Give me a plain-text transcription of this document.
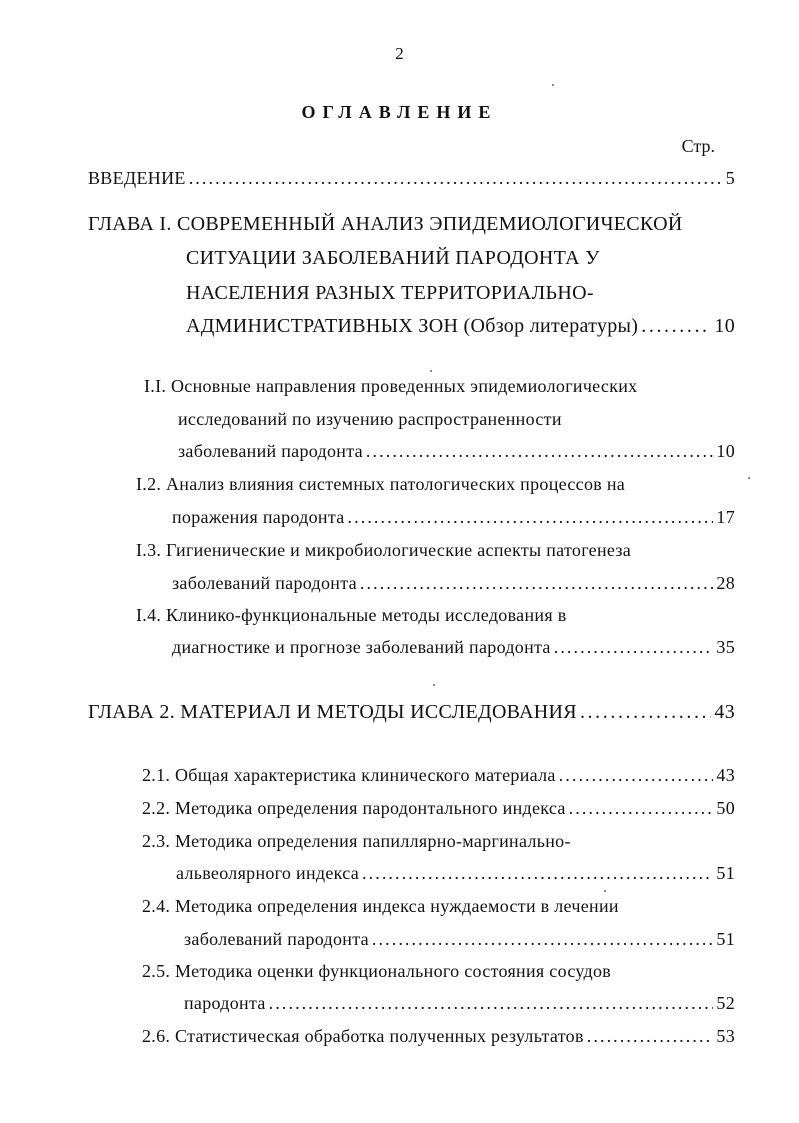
2
ОГЛАВЛЕНИЕ
Стр.
ВВЕДЕНИЕ . . .	5
ГЛАВА I. СОВРЕМЕННЫЙ АНАЛИЗ ЭПИДЕМИОЛОГИЧЕСКОЙ
СИТУАЦИИ ЗАБОЛЕВАНИЙ ПАРОДОНТА У
НАСЕЛЕНИЯ РАЗНЫХ ТЕРРИТОРИАЛЬНО-
АДМИНИСТРАТИВНЫХ ЗОН (Обзор литературы) . . .	10
I.I. Основные направления проведенных эпидемиологических
исследований по изучению распространенности
заболеваний пародонта . . .	10
I.2. Анализ влияния системных патологических процессов на
поражения пародонта . . .	17
I.3. Гигиенические и микробиологические аспекты патогенеза
заболеваний пародонта . . .	28
I.4. Клинико-функциональные методы исследования в
диагностике и прогнозе заболеваний пародонта . . .	35
ГЛАВА 2. МАТЕРИАЛ И МЕТОДЫ ИССЛЕДОВАНИЯ . . .	43
2.1. Общая характеристика клинического материала . . .	43
2.2. Методика определения пародонтального индекса . . .	50
2.3. Методика определения папиллярно-маргинально-
альвеолярного индекса . . .	51
2.4. Методика определения индекса нуждаемости в лечении
заболеваний пародонта . . .	51
2.5. Методика оценки функционального состояния сосудов
пародонта . . .	52
2.6. Статистическая обработка полученных результатов . . .	53
